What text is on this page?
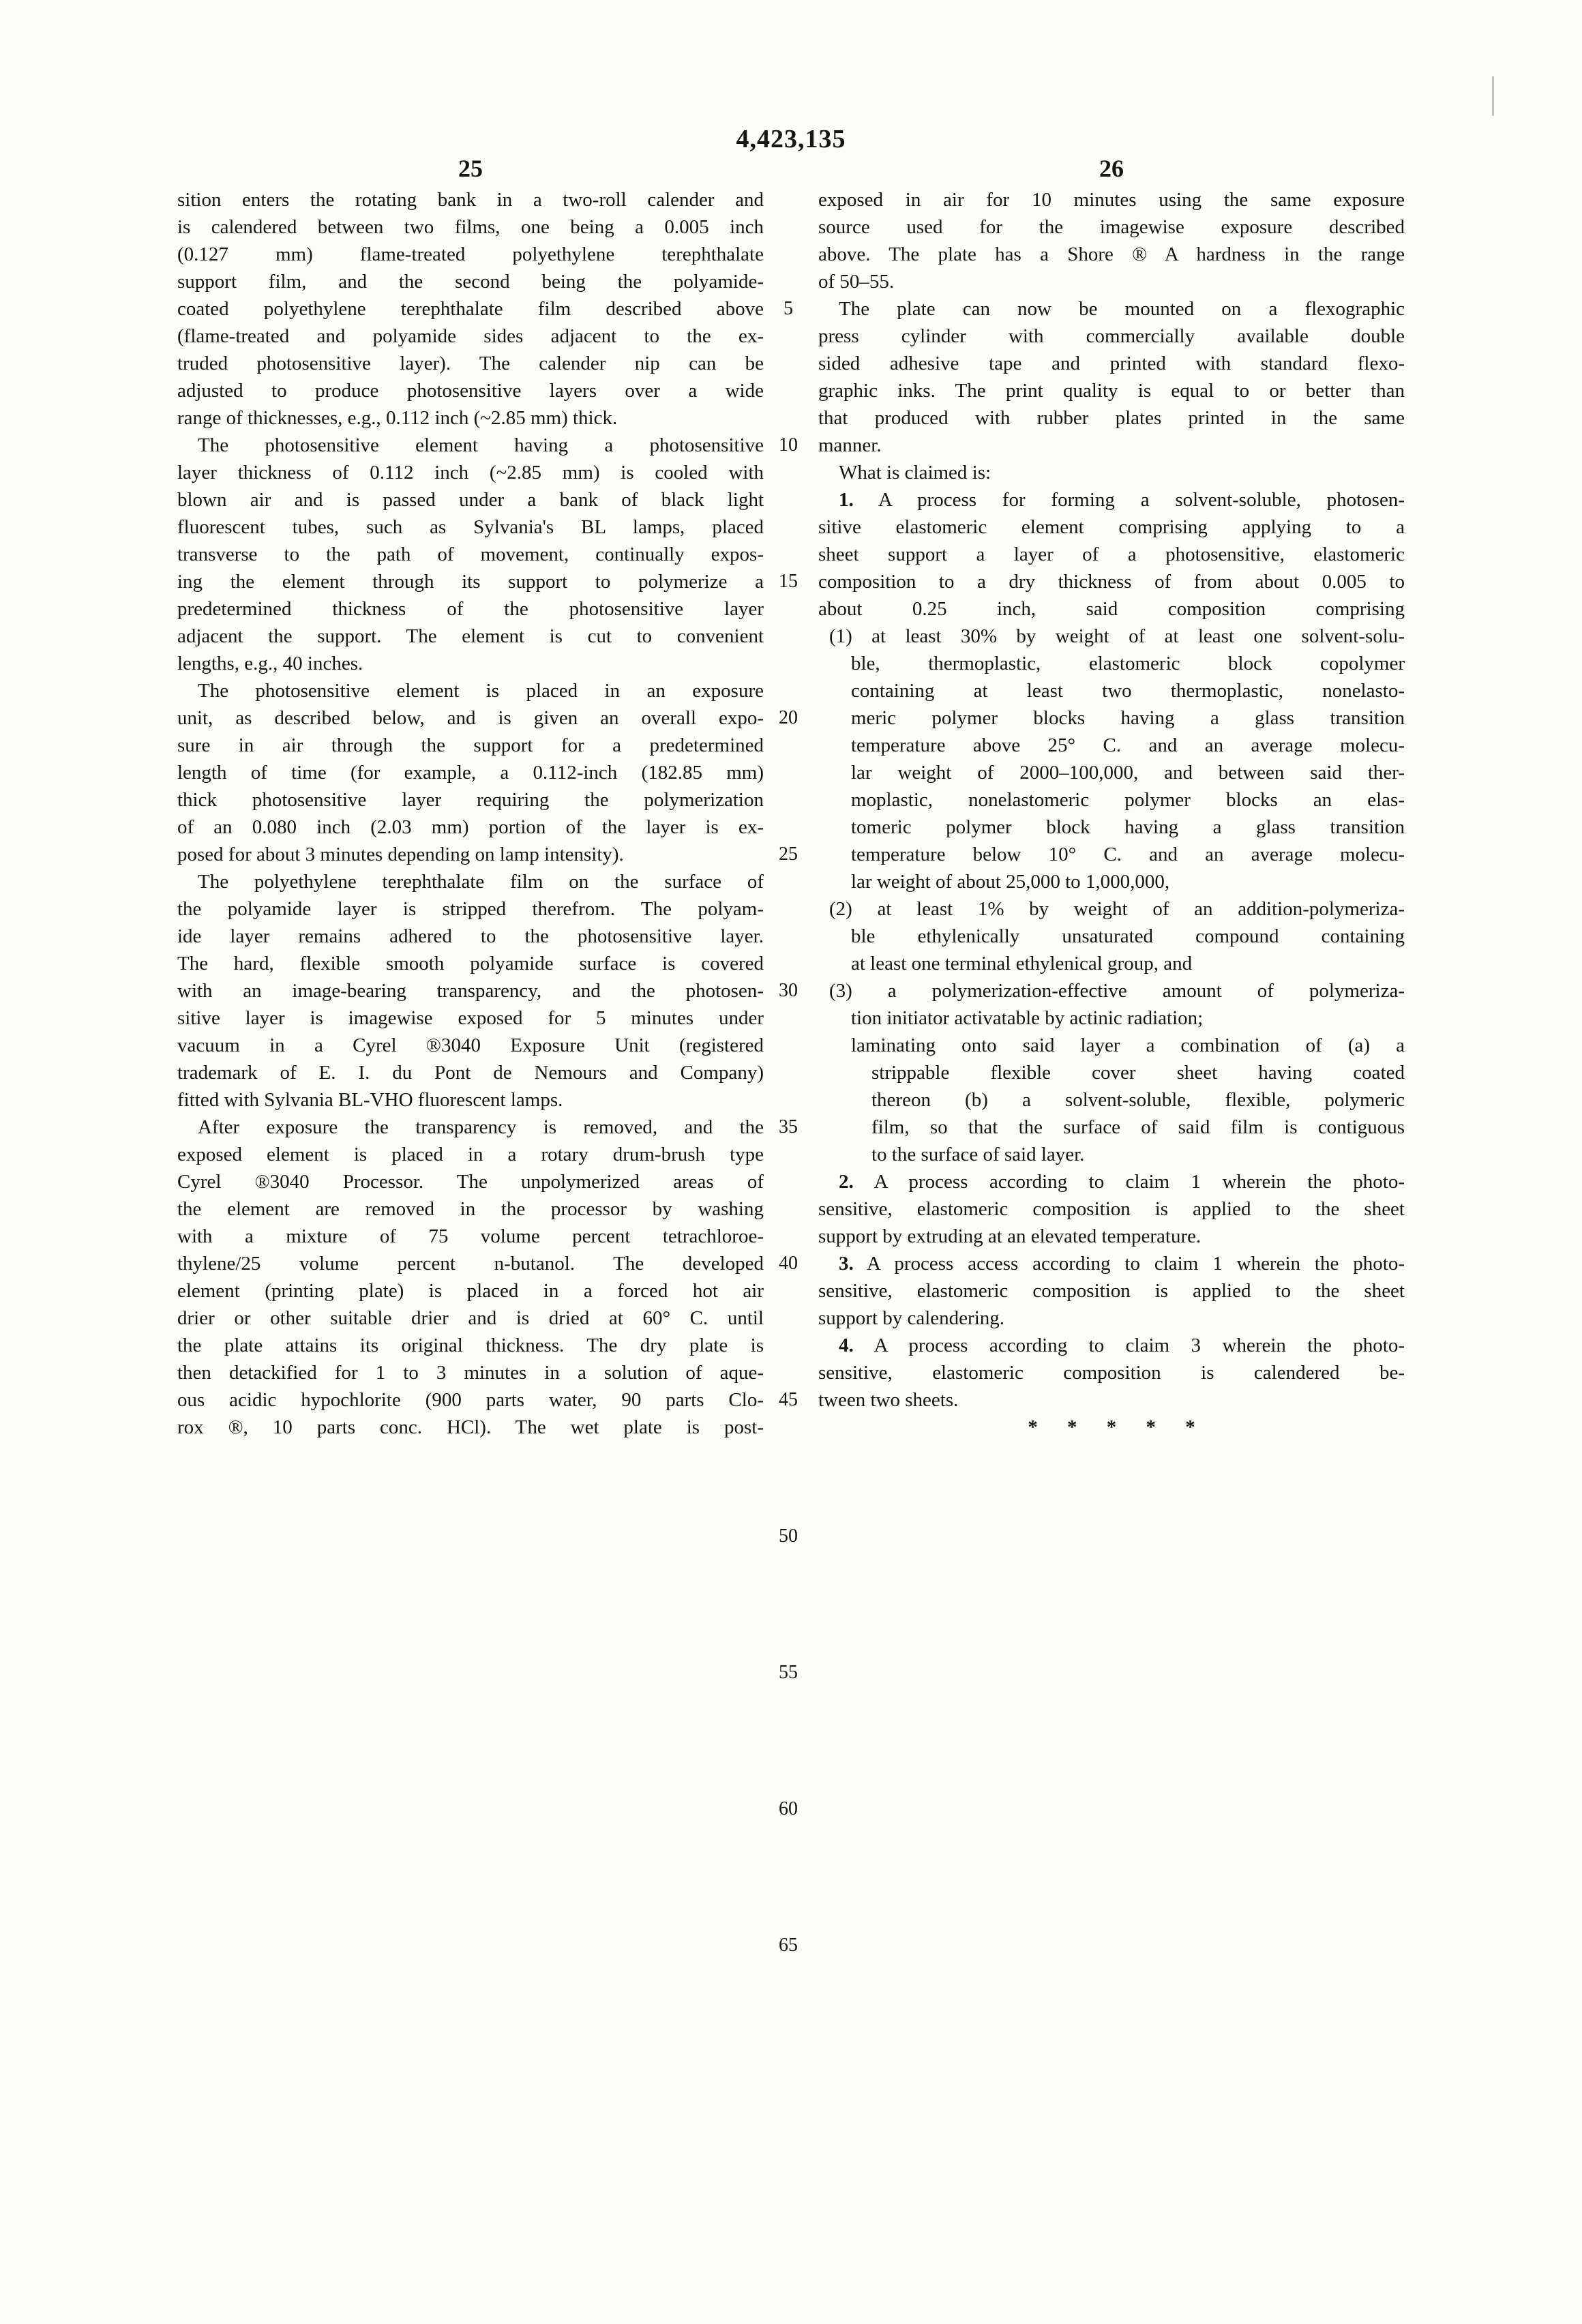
4,423,135
25	26
sition enters the rotating bank in a two-roll calender and
is calendered between two films, one being a 0.005 inch
(0.127 mm) flame-treated polyethylene terephthalate
support film, and the second being the polyamide-
coated polyethylene terephthalate film described above
(flame-treated and polyamide sides adjacent to the ex-
truded photosensitive layer). The calender nip can be
adjusted to produce photosensitive layers over a wide
range of thicknesses, e.g., 0.112 inch (~2.85 mm) thick.
The photosensitive element having a photosensitive
layer thickness of 0.112 inch (~2.85 mm) is cooled with
blown air and is passed under a bank of black light
fluorescent tubes, such as Sylvania's BL lamps, placed
transverse to the path of movement, continually expos-
ing the element through its support to polymerize a
predetermined thickness of the photosensitive layer
adjacent the support. The element is cut to convenient
lengths, e.g., 40 inches.
The photosensitive element is placed in an exposure
unit, as described below, and is given an overall expo-
sure in air through the support for a predetermined
length of time (for example, a 0.112-inch (182.85 mm)
thick photosensitive layer requiring the polymerization
of an 0.080 inch (2.03 mm) portion of the layer is ex-
posed for about 3 minutes depending on lamp intensity).
The polyethylene terephthalate film on the surface of
the polyamide layer is stripped therefrom. The polyam-
ide layer remains adhered to the photosensitive layer.
The hard, flexible smooth polyamide surface is covered
with an image-bearing transparency, and the photosen-
sitive layer is imagewise exposed for 5 minutes under
vacuum in a Cyrel ®3040 Exposure Unit (registered
trademark of E. I. du Pont de Nemours and Company)
fitted with Sylvania BL-VHO fluorescent lamps.
After exposure the transparency is removed, and the
exposed element is placed in a rotary drum-brush type
Cyrel ®3040 Processor. The unpolymerized areas of
the element are removed in the processor by washing
with a mixture of 75 volume percent tetrachloroe-
thylene/25 volume percent n-butanol. The developed
element (printing plate) is placed in a forced hot air
drier or other suitable drier and is dried at 60° C. until
the plate attains its original thickness. The dry plate is
then detackified for 1 to 3 minutes in a solution of aque-
ous acidic hypochlorite (900 parts water, 90 parts Clo-
rox ®, 10 parts conc. HCl). The wet plate is post-
exposed in air for 10 minutes using the same exposure
source used for the imagewise exposure described
above. The plate has a Shore ® A hardness in the range
of 50–55.
The plate can now be mounted on a flexographic
press cylinder with commercially available double
sided adhesive tape and printed with standard flexo-
graphic inks. The print quality is equal to or better than
that produced with rubber plates printed in the same
manner.
What is claimed is:
1. A process for forming a solvent-soluble, photosen-
sitive elastomeric element comprising applying to a
sheet support a layer of a photosensitive, elastomeric
composition to a dry thickness of from about 0.005 to
about 0.25 inch, said composition comprising
(1) at least 30% by weight of at least one solvent-solu-
ble, thermoplastic, elastomeric block copolymer
containing at least two thermoplastic, nonelasto-
meric polymer blocks having a glass transition
temperature above 25° C. and an average molecu-
lar weight of 2000–100,000, and between said ther-
moplastic, nonelastomeric polymer blocks an elas-
tomeric polymer block having a glass transition
temperature below 10° C. and an average molecu-
lar weight of about 25,000 to 1,000,000,
(2) at least 1% by weight of an addition-polymeriza-
ble ethylenically unsaturated compound containing
at least one terminal ethylenical group, and
(3) a polymerization-effective amount of polymeriza-
tion initiator activatable by actinic radiation;
laminating onto said layer a combination of (a) a
strippable flexible cover sheet having coated
thereon (b) a solvent-soluble, flexible, polymeric
film, so that the surface of said film is contiguous
to the surface of said layer.
2. A process according to claim 1 wherein the photo-
sensitive, elastomeric composition is applied to the sheet
support by extruding at an elevated temperature.
3. A process access according to claim 1 wherein the photo-
sensitive, elastomeric composition is applied to the sheet
support by calendering.
4. A process according to claim 3 wherein the photo-
sensitive, elastomeric composition is calendered be-
tween two sheets.
* * * * *
5
10
15
20
25
30
35
40
45
50
55
60
65
